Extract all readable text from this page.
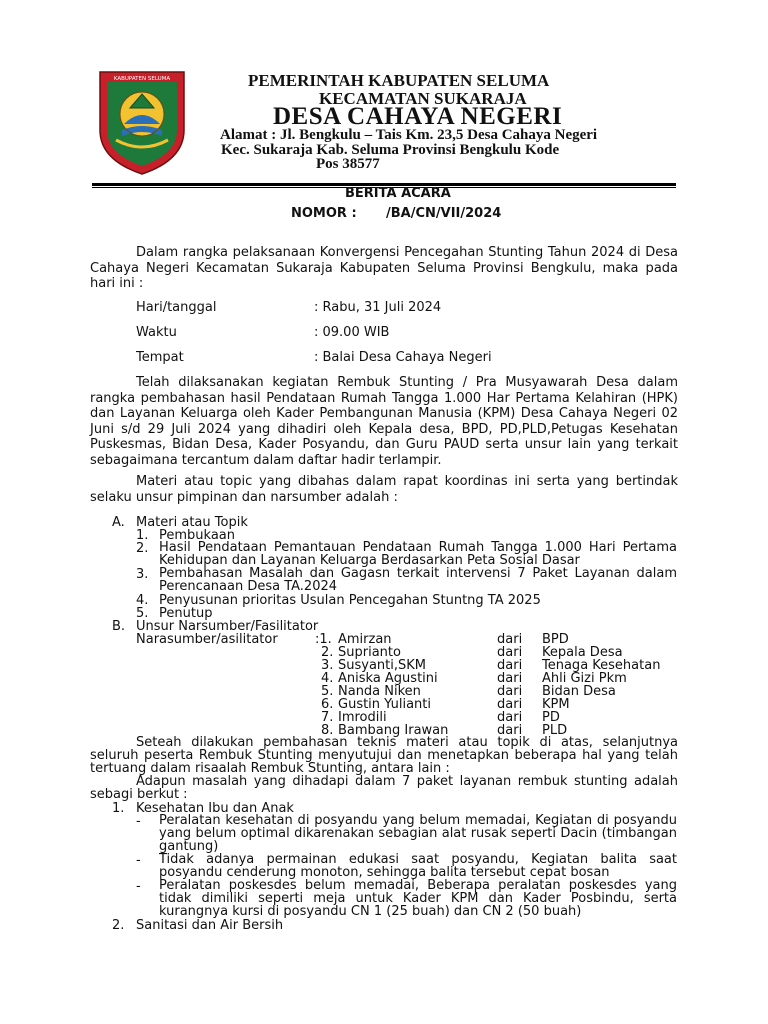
KABUPATEN SELUMA	PEMERINTAH KABUPATEN SELUMA
KECAMATAN SUKARAJA
DESA CAHAYA NEGERI
Alamat : Jl. Bengkulu – Tais Km. 23,5 Desa Cahaya Negeri
Kec. Sukaraja Kab. Seluma Provinsi Bengkulu Kode
Pos 38577
BERITA ACARA
NOMOR : /BA/CN/VII/2024
Dalam rangka pelaksanaan Konvergensi Pencegahan Stunting Tahun 2024 di Desa Cahaya Negeri Kecamatan Sukaraja Kabupaten Seluma Provinsi Bengkulu, maka pada hari ini :
Hari/tanggal	: Rabu, 31 Juli 2024
Waktu	: 09.00 WIB
Tempat	: Balai Desa Cahaya Negeri
Telah dilaksanakan kegiatan Rembuk Stunting / Pra Musyawarah Desa dalam rangka pembahasan hasil Pendataan Rumah Tangga 1.000 Har Pertama Kelahiran (HPK) dan Layanan Keluarga oleh Kader Pembangunan Manusia (KPM) Desa Cahaya Negeri 02 Juni s/d 29 Juli 2024 yang dihadiri oleh Kepala desa, BPD, PD,PLD,Petugas Kesehatan Puskesmas, Bidan Desa, Kader Posyandu, dan Guru PAUD serta unsur lain yang terkait sebagaimana tercantum dalam daftar hadir terlampir.
Materi atau topic yang dibahas dalam rapat koordinas ini serta yang bertindak selaku unsur pimpinan dan narsumber adalah :
A. Materi atau Topik
1. Pembukaan
2. Hasil Pendataan Pemantauan Pendataan Rumah Tangga 1.000 Hari Pertama Kehidupan dan Layanan Keluarga Berdasarkan Peta Sosial Dasar
3. Pembahasan Masalah dan Gagasn terkait intervensi 7 Paket Layanan dalam Perencanaan Desa TA.2024
4. Penyusunan prioritas Usulan Pencegahan Stuntng TA 2025
5. Penutup
B. Unsur Narsumber/Fasilitator
Narasumber/asilitator	:1. Amirzan	dari BPD
2. Suprianto	dari Kepala Desa
3. Susyanti,SKM	dari Tenaga Kesehatan
4. Aniska Agustini	dari Ahli Gizi Pkm
5. Nanda Niken	dari Bidan Desa
6. Gustin Yulianti	dari KPM
7. Imrodili	dari PD
8. Bambang Irawan	dari PLD
Seteah dilakukan pembahasan teknis materi atau topik di atas, selanjutnya seluruh peserta Rembuk Stunting menyutujui dan menetapkan beberapa hal yang telah tertuang dalam risaalah Rembuk Stunting, antara lain :
Adapun masalah yang dihadapi dalam 7 paket layanan rembuk stunting adalah sebagi berkut :
1. Kesehatan Ibu dan Anak
- Peralatan kesehatan di posyandu yang belum memadai, Kegiatan di posyandu yang belum optimal dikarenakan sebagian alat rusak seperti Dacin (timbangan gantung)
- Tidak adanya permainan edukasi saat posyandu, Kegiatan balita saat posyandu cenderung monoton, sehingga balita tersebut cepat bosan
- Peralatan poskesdes belum memadai, Beberapa peralatan poskesdes yang tidak dimiliki seperti meja untuk Kader KPM dan Kader Posbindu, serta kurangnya kursi di posyandu CN 1 (25 buah) dan CN 2 (50 buah)
2. Sanitasi dan Air Bersih
